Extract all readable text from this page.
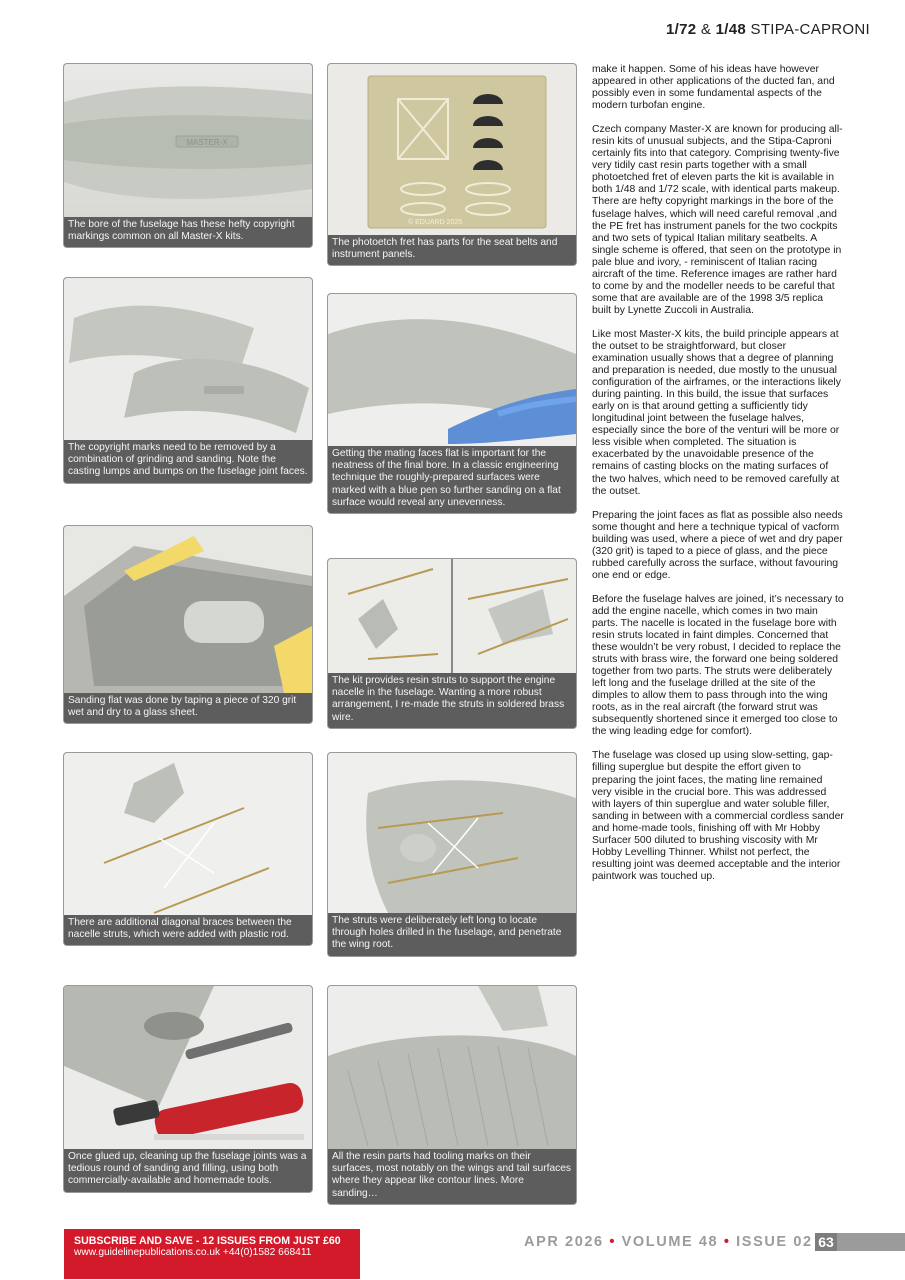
1/72 & 1/48 STIPA-CAPRONI
MASTER-X
The bore of the fuselage has these hefty copyright markings common on all Master-X kits.
© EDUARD 2025
The photoetch fret has parts for the seat belts and instrument panels.
The copyright marks need to be removed by a combination of grinding and sanding. Note the casting lumps and bumps on the fuselage joint faces.
Getting the mating faces flat is important for the neatness of the final bore. In a classic engineering technique the roughly-prepared surfaces were marked with a blue pen so further sanding on a flat surface would reveal any unevenness.
Sanding flat was done by taping a piece of 320 grit wet and dry to a glass sheet.
The kit provides resin struts to support the engine nacelle in the fuselage. Wanting a more robust arrangement, I re-made the struts in soldered brass wire.
There are additional diagonal braces between the nacelle struts, which were added with plastic rod.
The struts were deliberately left long to locate through holes drilled in the fuselage, and penetrate the wing root.
Once glued up, cleaning up the fuselage joints was a tedious round of sanding and filling, using both commercially-available and homemade tools.
All the resin parts had tooling marks on their surfaces, most notably on the wings and tail surfaces where they appear like contour lines. More sanding…

make it happen. Some of his ideas have however appeared in other applications of the ducted fan, and possibly even in some fundamental aspects of the modern turbofan engine.

Czech company Master-X are known for producing all-resin kits of unusual subjects, and the Stipa-Caproni certainly fits into that category. Comprising twenty-five very tidily cast resin parts together with a small photoetched fret of eleven parts the kit is available in both 1/48 and 1/72 scale, with identical parts makeup. There are hefty copyright markings in the bore of the fuselage halves, which will need careful removal ,and the PE fret has instrument panels for the two cockpits and two sets of typical Italian military seatbelts. A single scheme is offered, that seen on the prototype in pale blue and ivory, - reminiscent of Italian racing aircraft of the time. Reference images are rather hard to come by and the modeller needs to be careful that some that are available are of the 1998 3/5 replica built by Lynette Zuccoli in Australia.

Like most Master-X kits, the build principle appears at the outset to be straightforward, but closer examination usually shows that a degree of planning and preparation is needed, due mostly to the unusual configuration of the airframes, or the interactions likely during painting. In this build, the issue that surfaces early on is that around getting a sufficiently tidy longitudinal joint between the fuselage halves, especially since the bore of the venturi will be more or less visible when completed. The situation is exacerbated by the unavoidable presence of the remains of casting blocks on the mating surfaces of the two halves, which need to be removed carefully at the outset.

Preparing the joint faces as flat as possible also needs some thought and here a technique typical of vacform building was used, where a piece of wet and dry paper (320 grit) is taped to a piece of glass, and the piece rubbed carefully across the surface, without favouring one end or edge.

Before the fuselage halves are joined, it’s necessary to add the engine nacelle, which comes in two main parts. The nacelle is located in the fuselage bore with resin struts located in faint dimples. Concerned that these wouldn’t be very robust, I decided to replace the struts with brass wire, the forward one being soldered together from two parts. The struts were deliberately left long and the fuselage drilled at the site of the dimples to allow them to pass through into the wing roots, as in the real aircraft (the forward strut was subsequently shortened since it emerged too close to the wing leading edge for comfort).

The fuselage was closed up using slow-setting, gap-filling superglue but despite the effort given to preparing the joint faces, the mating line remained very visible in the crucial bore. This was addressed with layers of thin superglue and water soluble filler, sanding in between with a commercial cordless sander and home-made tools, finishing off with Mr Hobby Surfacer 500 diluted to brushing viscosity with Mr Hobby Levelling Thinner. Whilst not perfect, the resulting joint was deemed acceptable and the interior paintwork was touched up.

SUBSCRIBE AND SAVE - 12 ISSUES FROM JUST £60
www.guidelinepublications.co.uk +44(0)1582 668411
APR 2026 • VOLUME 48 • ISSUE 02 63
